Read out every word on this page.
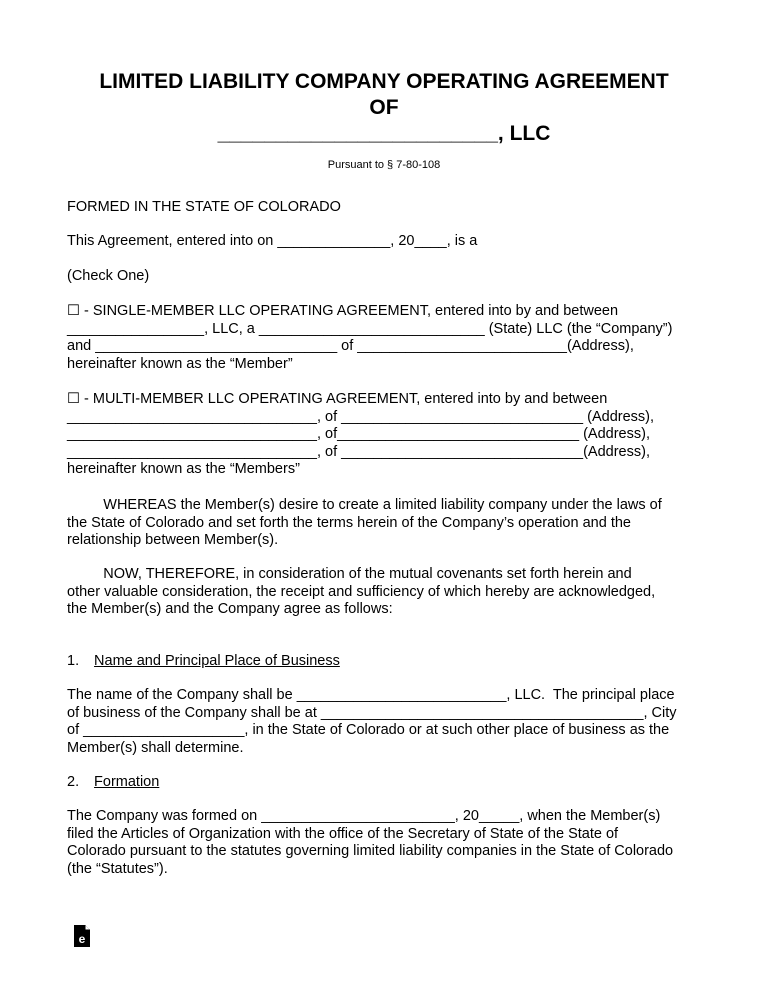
LIMITED LIABILITY COMPANY OPERATING AGREEMENT
OF
________________________, LLC
Pursuant to § 7-80-108
FORMED IN THE STATE OF COLORADO
This Agreement, entered into on ______________, 20____, is a
(Check One)
☐ - SINGLE-MEMBER LLC OPERATING AGREEMENT, entered into by and between
_________________, LLC, a ____________________________ (State) LLC (the “Company”)
and ______________________________ of __________________________(Address),
hereinafter known as the “Member”
☐ - MULTI-MEMBER LLC OPERATING AGREEMENT, entered into by and between
_______________________________, of ______________________________ (Address),
_______________________________, of______________________________ (Address),
_______________________________, of ______________________________(Address),
hereinafter known as the “Members”
WHEREAS the Member(s) desire to create a limited liability company under the laws of
the State of Colorado and set forth the terms herein of the Company’s operation and the
relationship between Member(s).
NOW, THEREFORE, in consideration of the mutual covenants set forth herein and
other valuable consideration, the receipt and sufficiency of which hereby are acknowledged,
the Member(s) and the Company agree as follows:
1. Name and Principal Place of Business
The name of the Company shall be __________________________, LLC.  The principal place
of business of the Company shall be at ________________________________________, City
of ____________________, in the State of Colorado or at such other place of business as the
Member(s) shall determine.
2. Formation
The Company was formed on ________________________, 20_____, when the Member(s)
filed the Articles of Organization with the office of the Secretary of State of the State of
Colorado pursuant to the statutes governing limited liability companies in the State of Colorado
(the “Statutes”).
e
